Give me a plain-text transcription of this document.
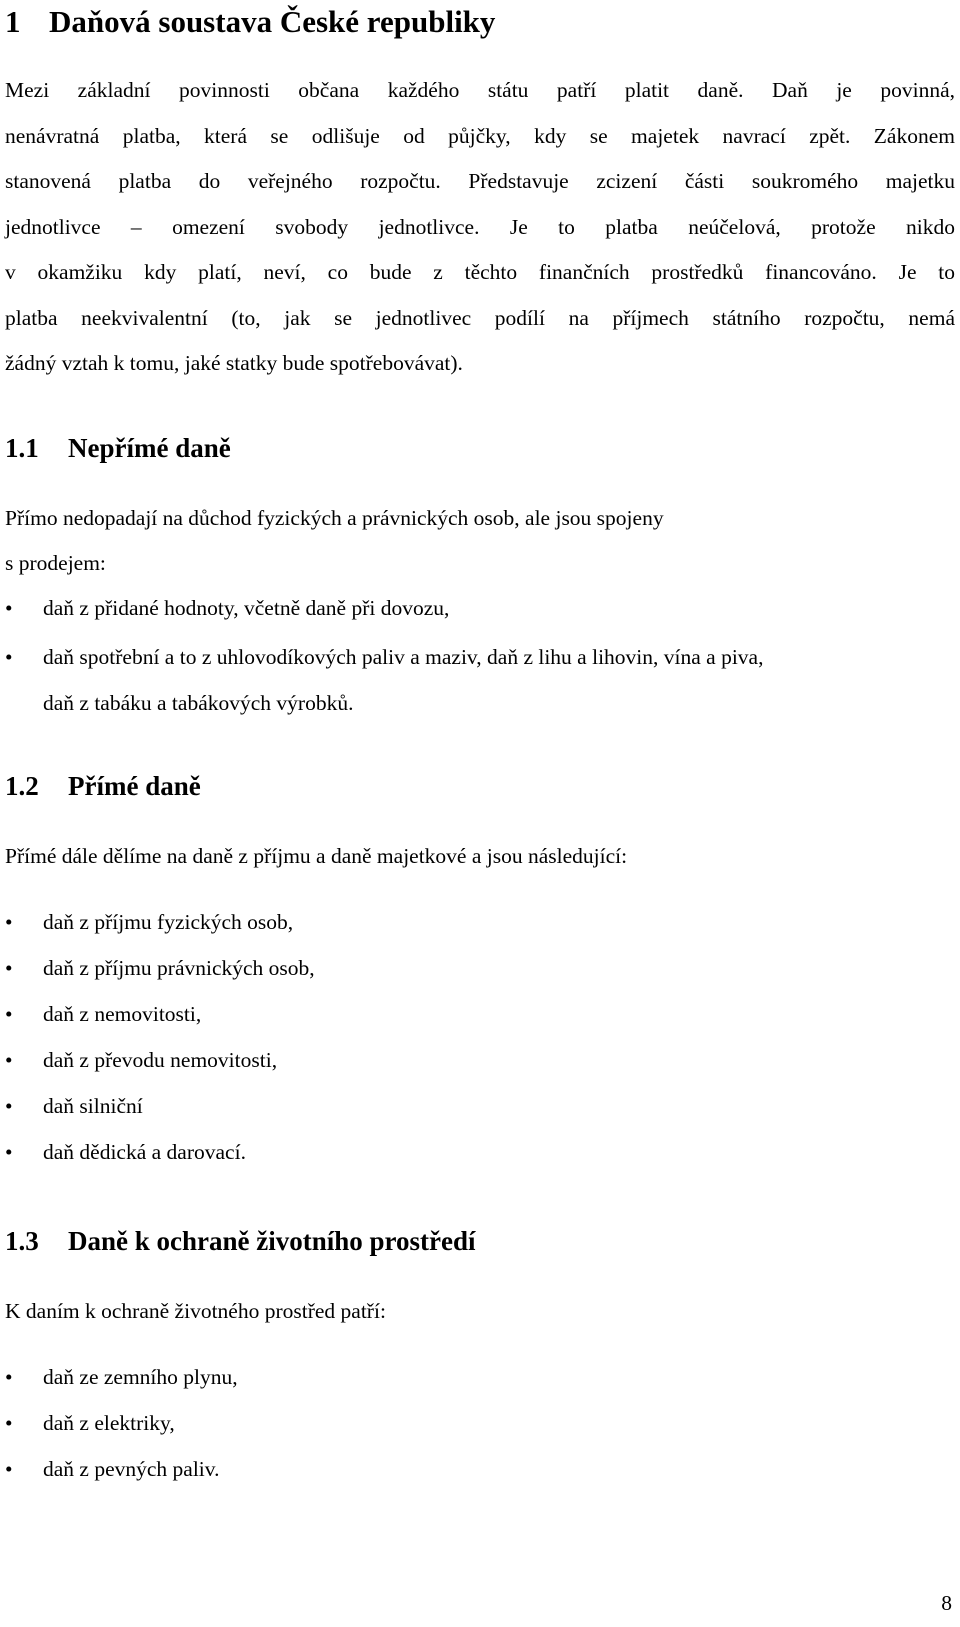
1 Daňová soustava České republiky
Mezi základní povinnosti občana každého státu patří platit daně. Daň je povinná,
nenávratná platba, která se odlišuje od půjčky, kdy se majetek navrací zpět. Zákonem
stanovená platba do veřejného rozpočtu. Představuje zcizení části soukromého majetku
jednotlivce – omezení svobody jednotlivce. Je to platba neúčelová, protože nikdo
v okamžiku kdy platí, neví, co bude z těchto finančních prostředků financováno. Je to
platba neekvivalentní (to, jak se jednotlivec podílí na příjmech státního rozpočtu, nemá
žádný vztah k tomu, jaké statky bude spotřebovávat).
1.1 Nepřímé daně
Přímo nedopadají na důchod fyzických a právnických osob, ale jsou spojeny
s prodejem:
• daň z přidané hodnoty, včetně daně při dovozu,
• daň spotřební a to z uhlovodíkových paliv a maziv, daň z lihu a lihovin, vína a piva,
daň z tabáku a tabákových výrobků.
1.2 Přímé daně
Přímé dále dělíme na daně z příjmu a daně majetkové a jsou následující:
• daň z příjmu fyzických osob,
• daň z příjmu právnických osob,
• daň z nemovitosti,
• daň z převodu nemovitosti,
• daň silniční
• daň dědická a darovací.
1.3 Daně k ochraně životního prostředí
K daním k ochraně životného prostřed patří:
• daň ze zemního plynu,
• daň z elektriky,
• daň z pevných paliv.
8
